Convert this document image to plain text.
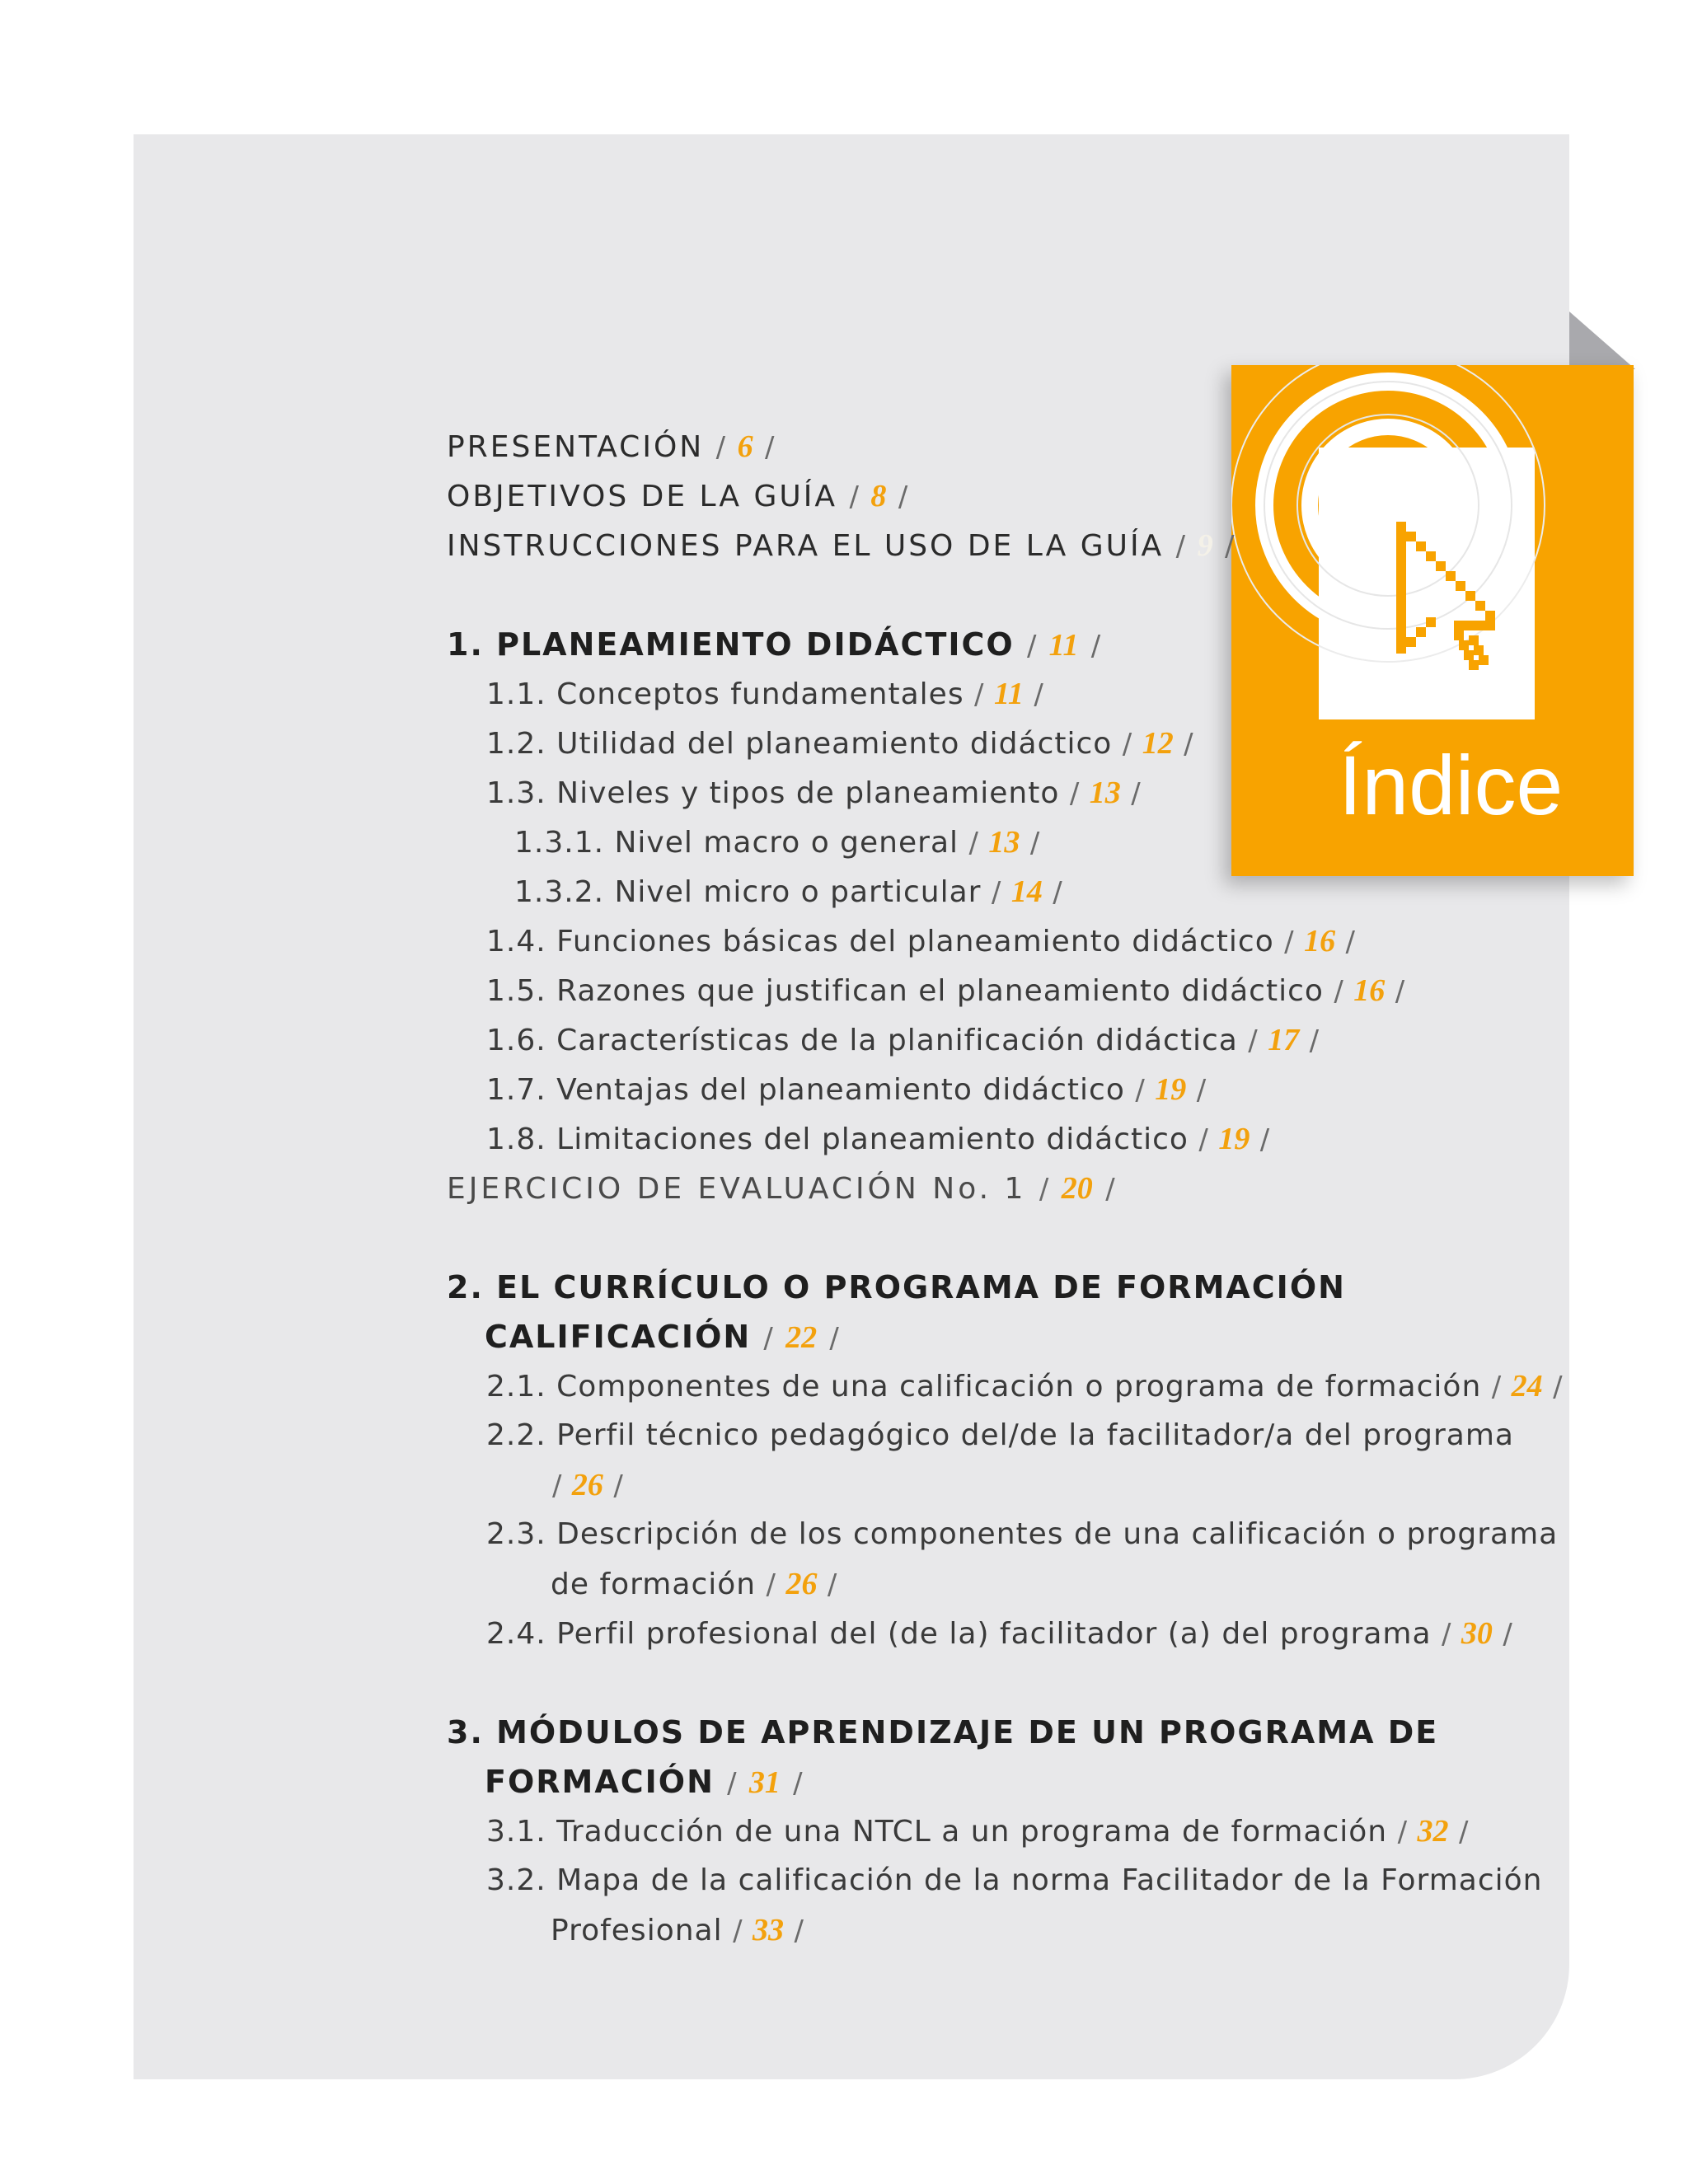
Índice
PRESENTACIÓN / 6 /
OBJETIVOS DE LA GUÍA / 8 /
INSTRUCCIONES PARA EL USO DE LA GUÍA / 9 /
1. PLANEAMIENTO DIDÁCTICO / 11 /
1.1. Conceptos fundamentales / 11 /
1.2. Utilidad del planeamiento didáctico / 12 /
1.3. Niveles y tipos de planeamiento / 13 /
1.3.1. Nivel macro o general / 13 /
1.3.2. Nivel micro o particular / 14 /
1.4. Funciones básicas del planeamiento didáctico / 16 /
1.5. Razones que justifican el planeamiento didáctico / 16 /
1.6. Características de la planificación didáctica / 17 /
1.7. Ventajas del planeamiento didáctico / 19 /
1.8. Limitaciones del planeamiento didáctico / 19 /
EJERCICIO DE EVALUACIÓN No. 1 / 20 /
2. EL CURRÍCULO O PROGRAMA DE FORMACIÓN
CALIFICACIÓN / 22 /
2.1. Componentes de una calificación o programa de formación / 24 /
2.2. Perfil técnico pedagógico del/de la facilitador/a del programa
/ 26 /
2.3. Descripción de los componentes de una calificación o programa
de formación / 26 /
2.4. Perfil profesional del (de la) facilitador (a) del programa / 30 /
3. MÓDULOS DE APRENDIZAJE DE UN PROGRAMA DE
FORMACIÓN / 31 /
3.1. Traducción de una NTCL a un programa de formación / 32 /
3.2. Mapa de la calificación de la norma Facilitador de la Formación
Profesional / 33 /
